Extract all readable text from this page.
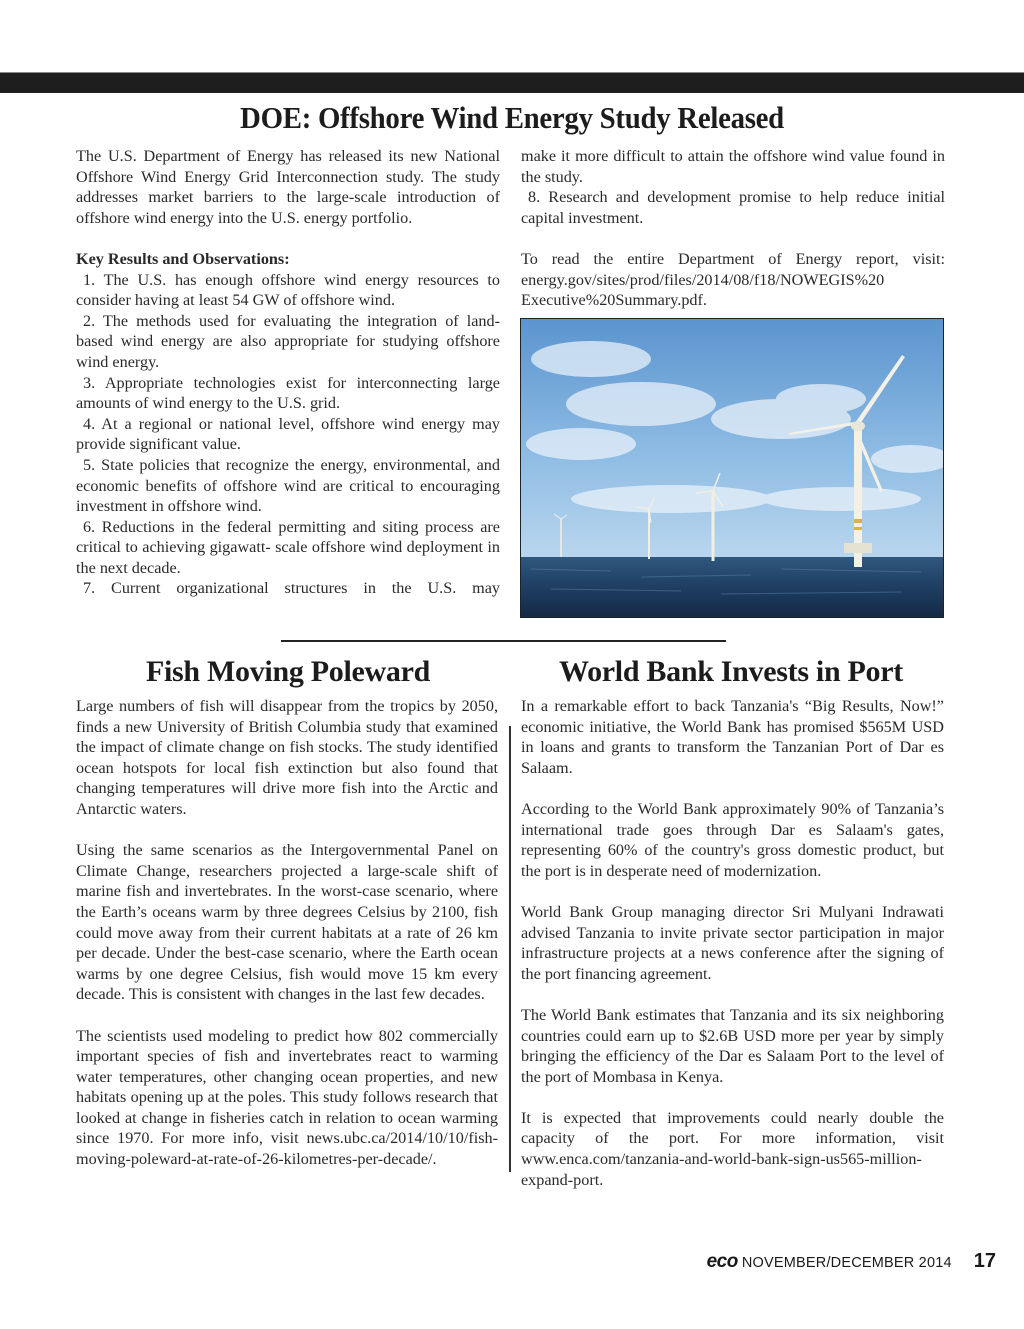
DOE: Offshore Wind Energy Study Released

The U.S. Department of Energy has released its new National Offshore Wind Energy Grid Interconnection study. The study addresses market barriers to the large-scale introduction of offshore wind energy into the U.S. energy portfolio.

Key Results and Observations:

1. The U.S. has enough offshore wind energy resources to consider having at least 54 GW of offshore wind.

2. The methods used for evaluating the integration of land-based wind energy are also appropriate for studying offshore wind energy.

3. Appropriate technologies exist for interconnecting large amounts of wind energy to the U.S. grid.

4. At a regional or national level, offshore wind energy may provide significant value.

5. State policies that recognize the energy, environmental, and economic benefits of offshore wind are critical to encouraging investment in offshore wind.

6. Reductions in the federal permitting and siting process are critical to achieving gigawatt- scale offshore wind deployment in the next decade.

7. Current organizational structures in the U.S. may

make it more difficult to attain the offshore wind value found in the study.

8. Research and development promise to help reduce initial capital investment.

To read the entire Department of Energy report, visit:

energy.gov/sites/prod/files/2014/08/f18/NOWEGIS%20

Executive%20Summary.pdf.

Fish Moving Poleward

Large numbers of fish will disappear from the tropics by 2050, finds a new University of British Columbia study that examined the impact of climate change on fish stocks. The study identified ocean hotspots for local fish extinction but also found that changing temperatures will drive more fish into the Arctic and Antarctic waters.

Using the same scenarios as the Intergovernmental Panel on Climate Change, researchers projected a large-scale shift of marine fish and invertebrates. In the worst-case scenario, where the Earth’s oceans warm by three degrees Celsius by 2100, fish could move away from their current habitats at a rate of 26 km per decade. Under the best-case scenario, where the Earth ocean warms by one degree Celsius, fish would move 15 km every decade. This is consistent with changes in the last few decades.

The scientists used modeling to predict how 802 commercially important species of fish and invertebrates react to warming water temperatures, other changing ocean properties, and new habitats opening up at the poles. This study follows research that looked at change in fisheries catch in relation to ocean warming since 1970. For more info, visit news.ubc.ca/2014/10/10/fish-moving-poleward-at-rate-of-26-kilometres-per-decade/.

World Bank Invests in Port

In a remarkable effort to back Tanzania's “Big Results, Now!” economic initiative, the World Bank has promised $565M USD in loans and grants to transform the Tanzanian Port of Dar es Salaam.

According to the World Bank approximately 90% of Tanzania’s international trade goes through Dar es Salaam's gates, representing 60% of the country's gross domestic product, but the port is in desperate need of modernization.

World Bank Group managing director Sri Mulyani Indrawati advised Tanzania to invite private sector participation in major infrastructure projects at a news conference after the signing of the port financing agreement.

The World Bank estimates that Tanzania and its six neighboring countries could earn up to $2.6B USD more per year by simply bringing the efficiency of the Dar es Salaam Port to the level of the port of Mombasa in Kenya.

It is expected that improvements could nearly double the capacity of the port. For more information, visit www.enca.com/tanzania-and-world-bank-sign-us565-million-expand-port.

eco NOVEMBER/DECEMBER 2014 17
